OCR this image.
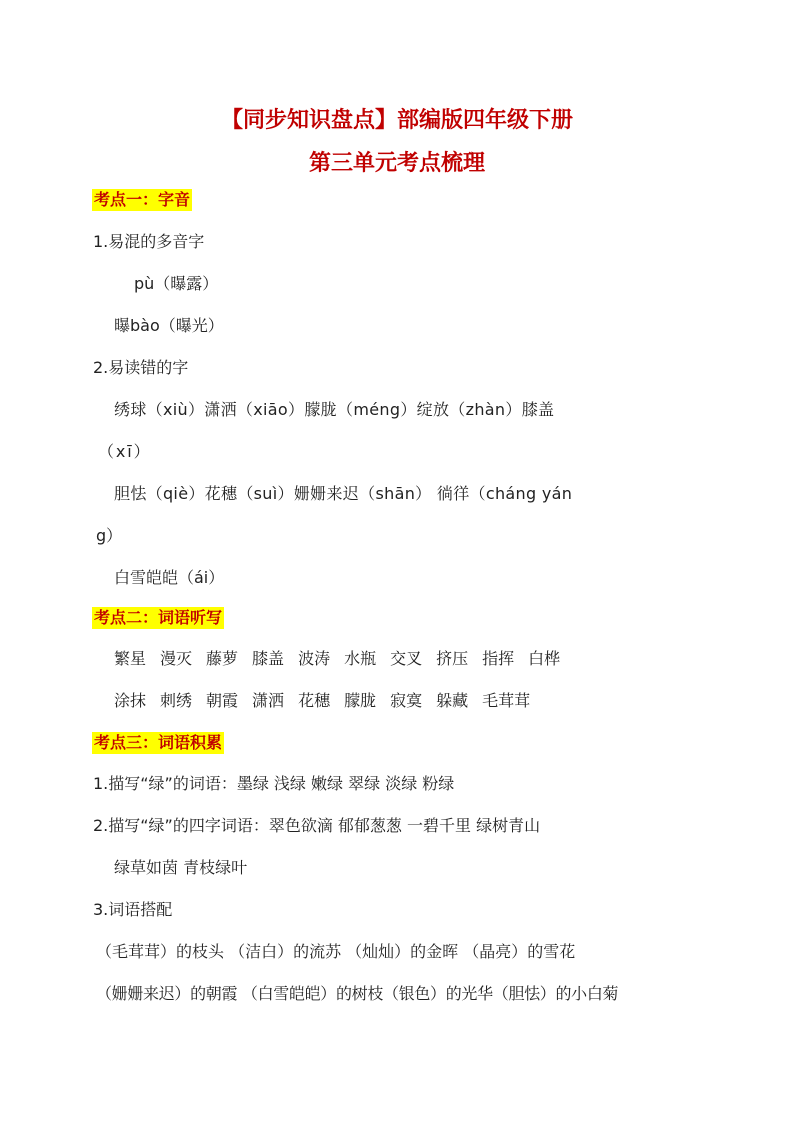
【同步知识盘点】部编版四年级下册
第三单元考点梳理
考点一：字音
1.易混的多音字
pù（曝露）
曝bào（曝光）
2.易读错的字
绣球（xiù）潇洒（xiāo）朦胧（méng）绽放（zhàn）膝盖
（xī）
胆怯（qiè）花穗（suì）姗姗来迟（shān） 徜徉（cháng yán
g）
白雪皑皑（ái）
考点二：词语听写
繁星 漫灭 藤萝 膝盖 波涛 水瓶 交叉 挤压 指挥 白桦
涂抹 刺绣 朝霞 潇洒 花穗 朦胧 寂寞 躲藏 毛茸茸
考点三：词语积累
1.描写“绿”的词语：墨绿 浅绿 嫩绿 翠绿 淡绿 粉绿
2.描写“绿”的四字词语：翠色欲滴 郁郁葱葱 一碧千里 绿树青山
绿草如茵 青枝绿叶
3.词语搭配
（毛茸茸）的枝头 （洁白）的流苏 （灿灿）的金晖 （晶亮）的雪花
（姗姗来迟）的朝霞 （白雪皑皑）的树枝（银色）的光华（胆怯）的小白菊
